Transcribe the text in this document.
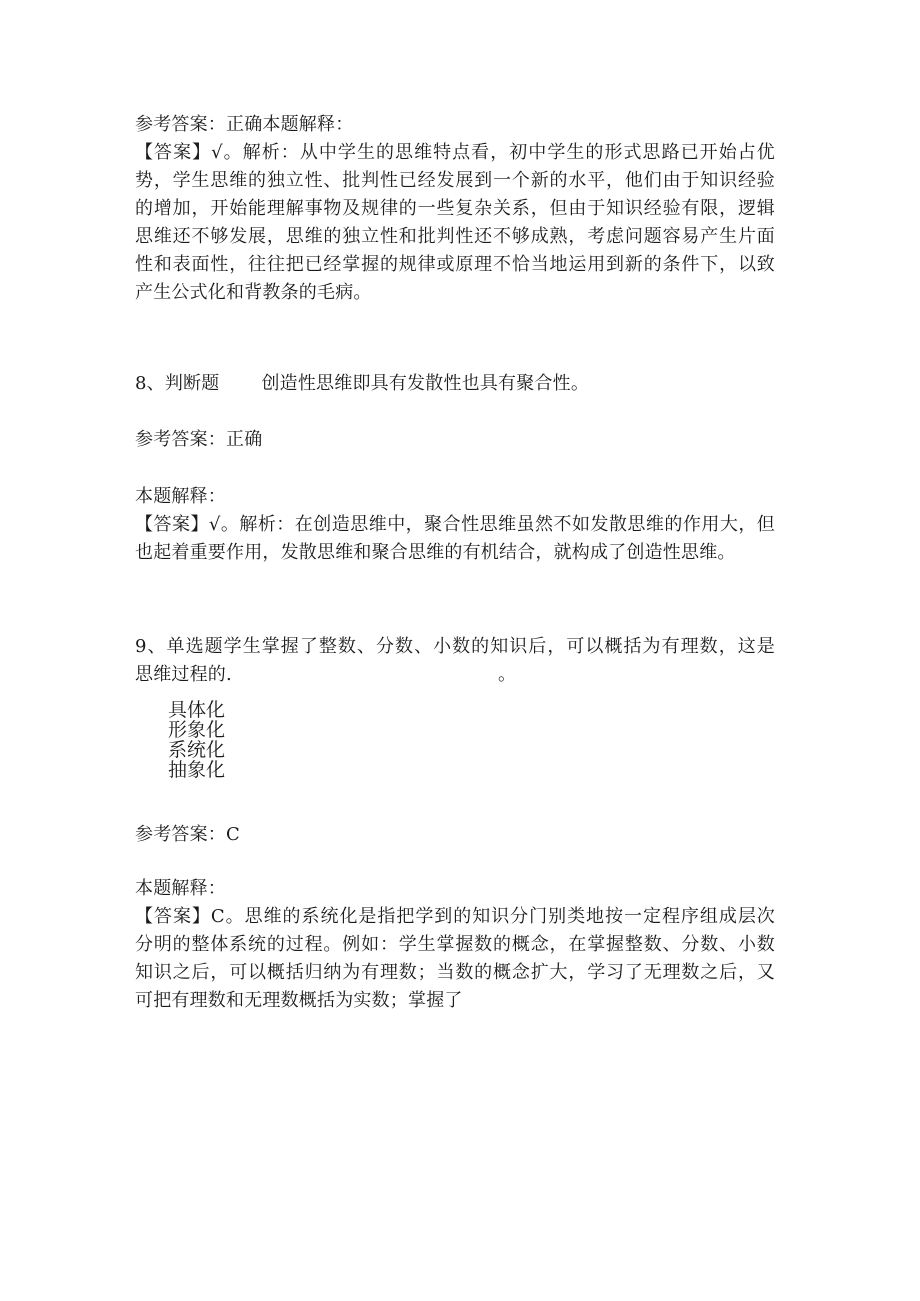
参考答案：正确本题解释：
【答案】√。解析：从中学生的思维特点看，初中学生的形式思路已开始占优
势，学生思维的独立性、批判性已经发展到一个新的水平，他们由于知识经验
的增加，开始能理解事物及规律的一些复杂关系，但由于知识经验有限，逻辑
思维还不够发展，思维的独立性和批判性还不够成熟，考虑问题容易产生片面
性和表面性，往往把已经掌握的规律或原理不恰当地运用到新的条件下，以致
产生公式化和背教条的毛病。
8、判断题 创造性思维即具有发散性也具有聚合性。
参考答案：正确
本题解释：
【答案】√。解析：在创造思维中，聚合性思维虽然不如发散思维的作用大，但
也起着重要作用，发散思维和聚合思维的有机结合，就构成了创造性思维。
9、单选题学生掌握了整数、分数、小数的知识后，可以概括为有理数，这是
思维过程的.	。
具体化
形象化
系统化
抽象化
参考答案：C
本题解释：
【答案】C。思维的系统化是指把学到的知识分门别类地按一定程序组成层次
分明的整体系统的过程。例如：学生掌握数的概念，在掌握整数、分数、小数
知识之后，可以概括归纳为有理数；当数的概念扩大，学习了无理数之后，又
可把有理数和无理数概括为实数；掌握了
